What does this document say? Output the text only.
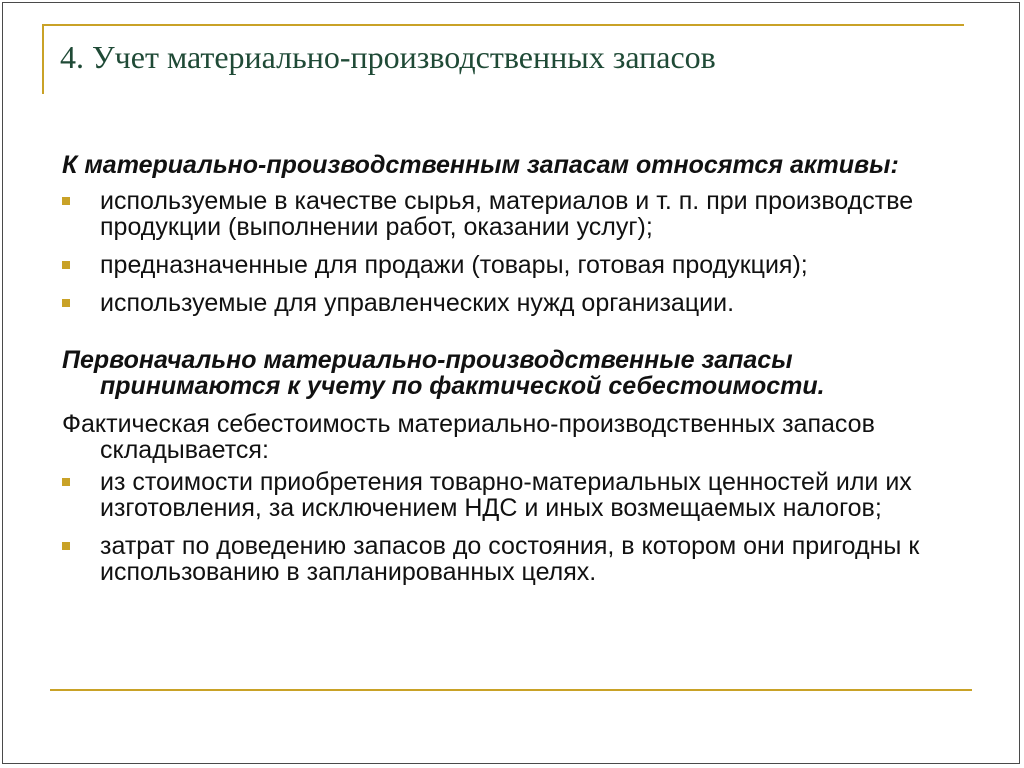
4. Учет материально-производственных запасов
К материально-производственным запасам относятся активы:
используемые в качестве сырья, материалов и т. п. при производстве продукции (выполнении работ, оказании услуг);
предназначенные для продажи (товары, готовая продукция);
используемые для управленческих нужд организации.
Первоначально материально-производственные запасы принимаются к учету по фактической себестоимости.
Фактическая себестоимость материально-производственных запасов складывается:
из стоимости приобретения товарно-материальных ценностей или их изготовления, за исключением НДС и иных возмещаемых налогов;
затрат по доведению запасов до состояния, в котором они пригодны к использованию в запланированных целях.
